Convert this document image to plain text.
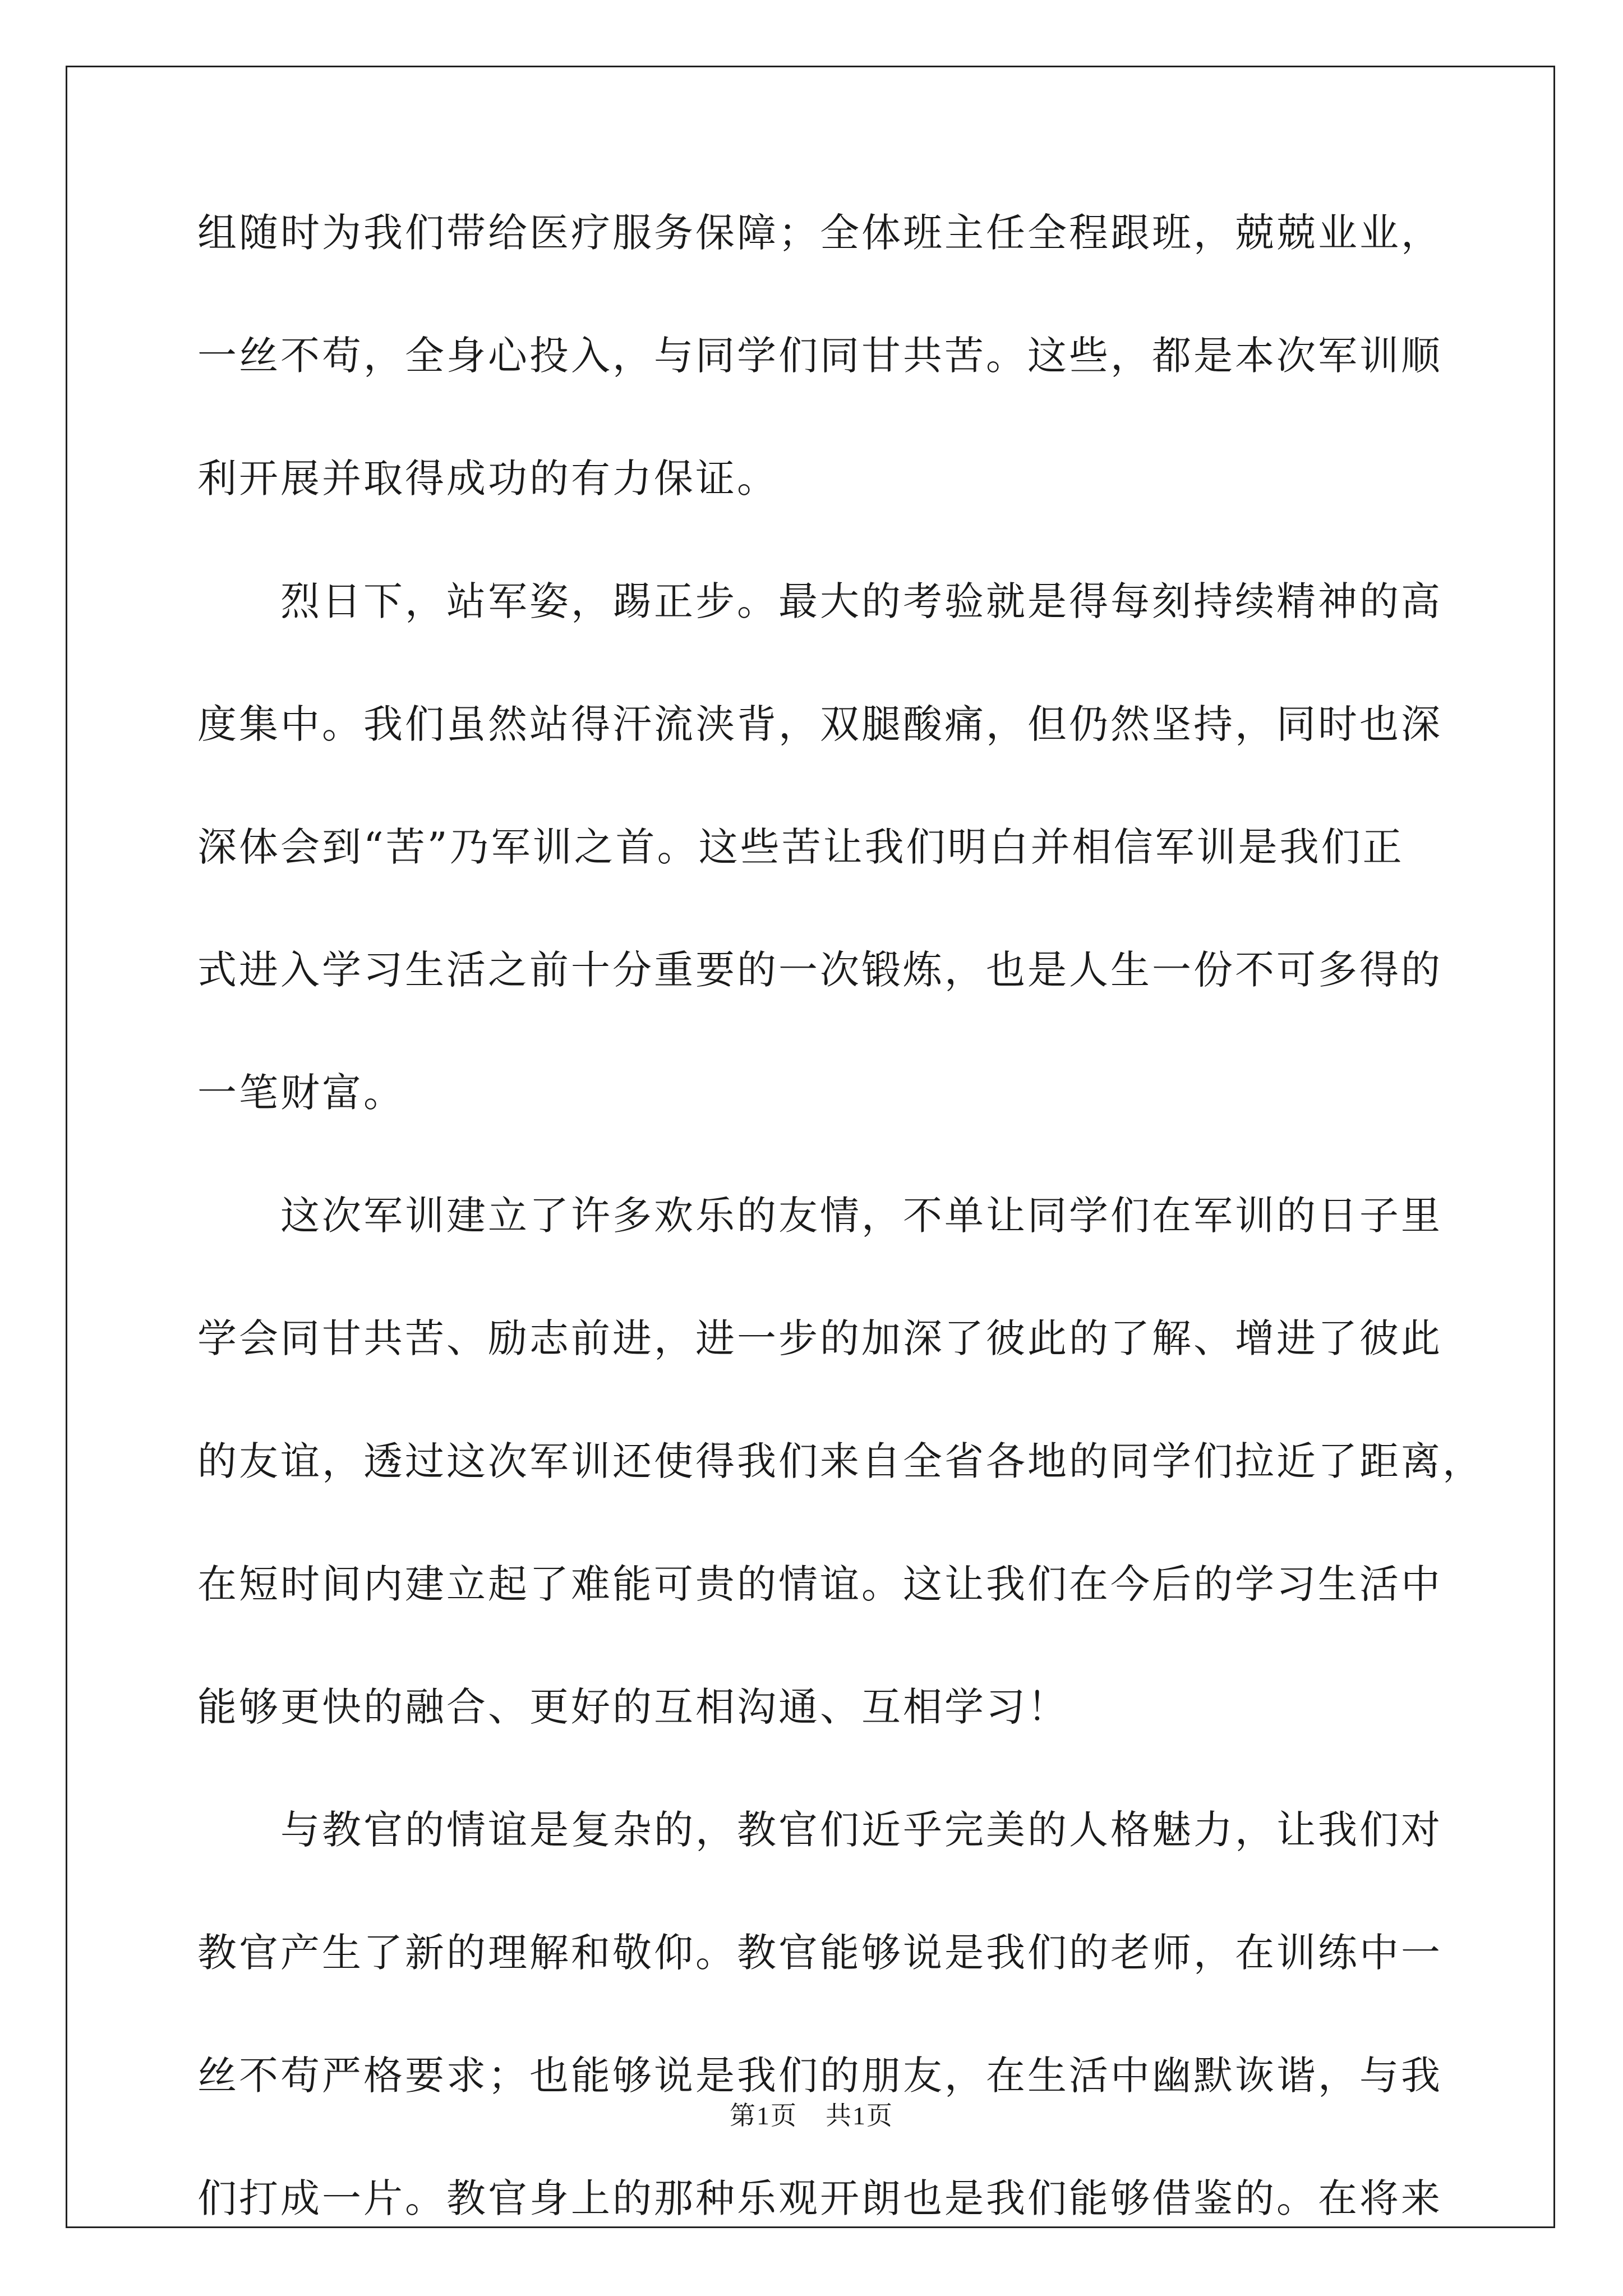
组随时为我们带给医疗服务保障；全体班主任全程跟班，兢兢业业，
一丝不苟，全身心投入，与同学们同甘共苦。这些，都是本次军训顺
利开展并取得成功的有力保证。
烈日下，站军姿，踢正步。最大的考验就是得每刻持续精神的高
度集中。我们虽然站得汗流浃背，双腿酸痛，但仍然坚持，同时也深
深体会到“苦”乃军训之首。这些苦让我们明白并相信军训是我们正
式进入学习生活之前十分重要的一次锻炼，也是人生一份不可多得的
一笔财富。
这次军训建立了许多欢乐的友情，不单让同学们在军训的日子里
学会同甘共苦、励志前进，进一步的加深了彼此的了解、增进了彼此
的友谊，透过这次军训还使得我们来自全省各地的同学们拉近了距离，
在短时间内建立起了难能可贵的情谊。这让我们在今后的学习生活中
能够更快的融合、更好的互相沟通、互相学习！
与教官的情谊是复杂的，教官们近乎完美的人格魅力，让我们对
教官产生了新的理解和敬仰。教官能够说是我们的老师，在训练中一
丝不苟严格要求；也能够说是我们的朋友，在生活中幽默诙谐，与我
们打成一片。教官身上的那种乐观开朗也是我们能够借鉴的。在将来
第1页 共1页
